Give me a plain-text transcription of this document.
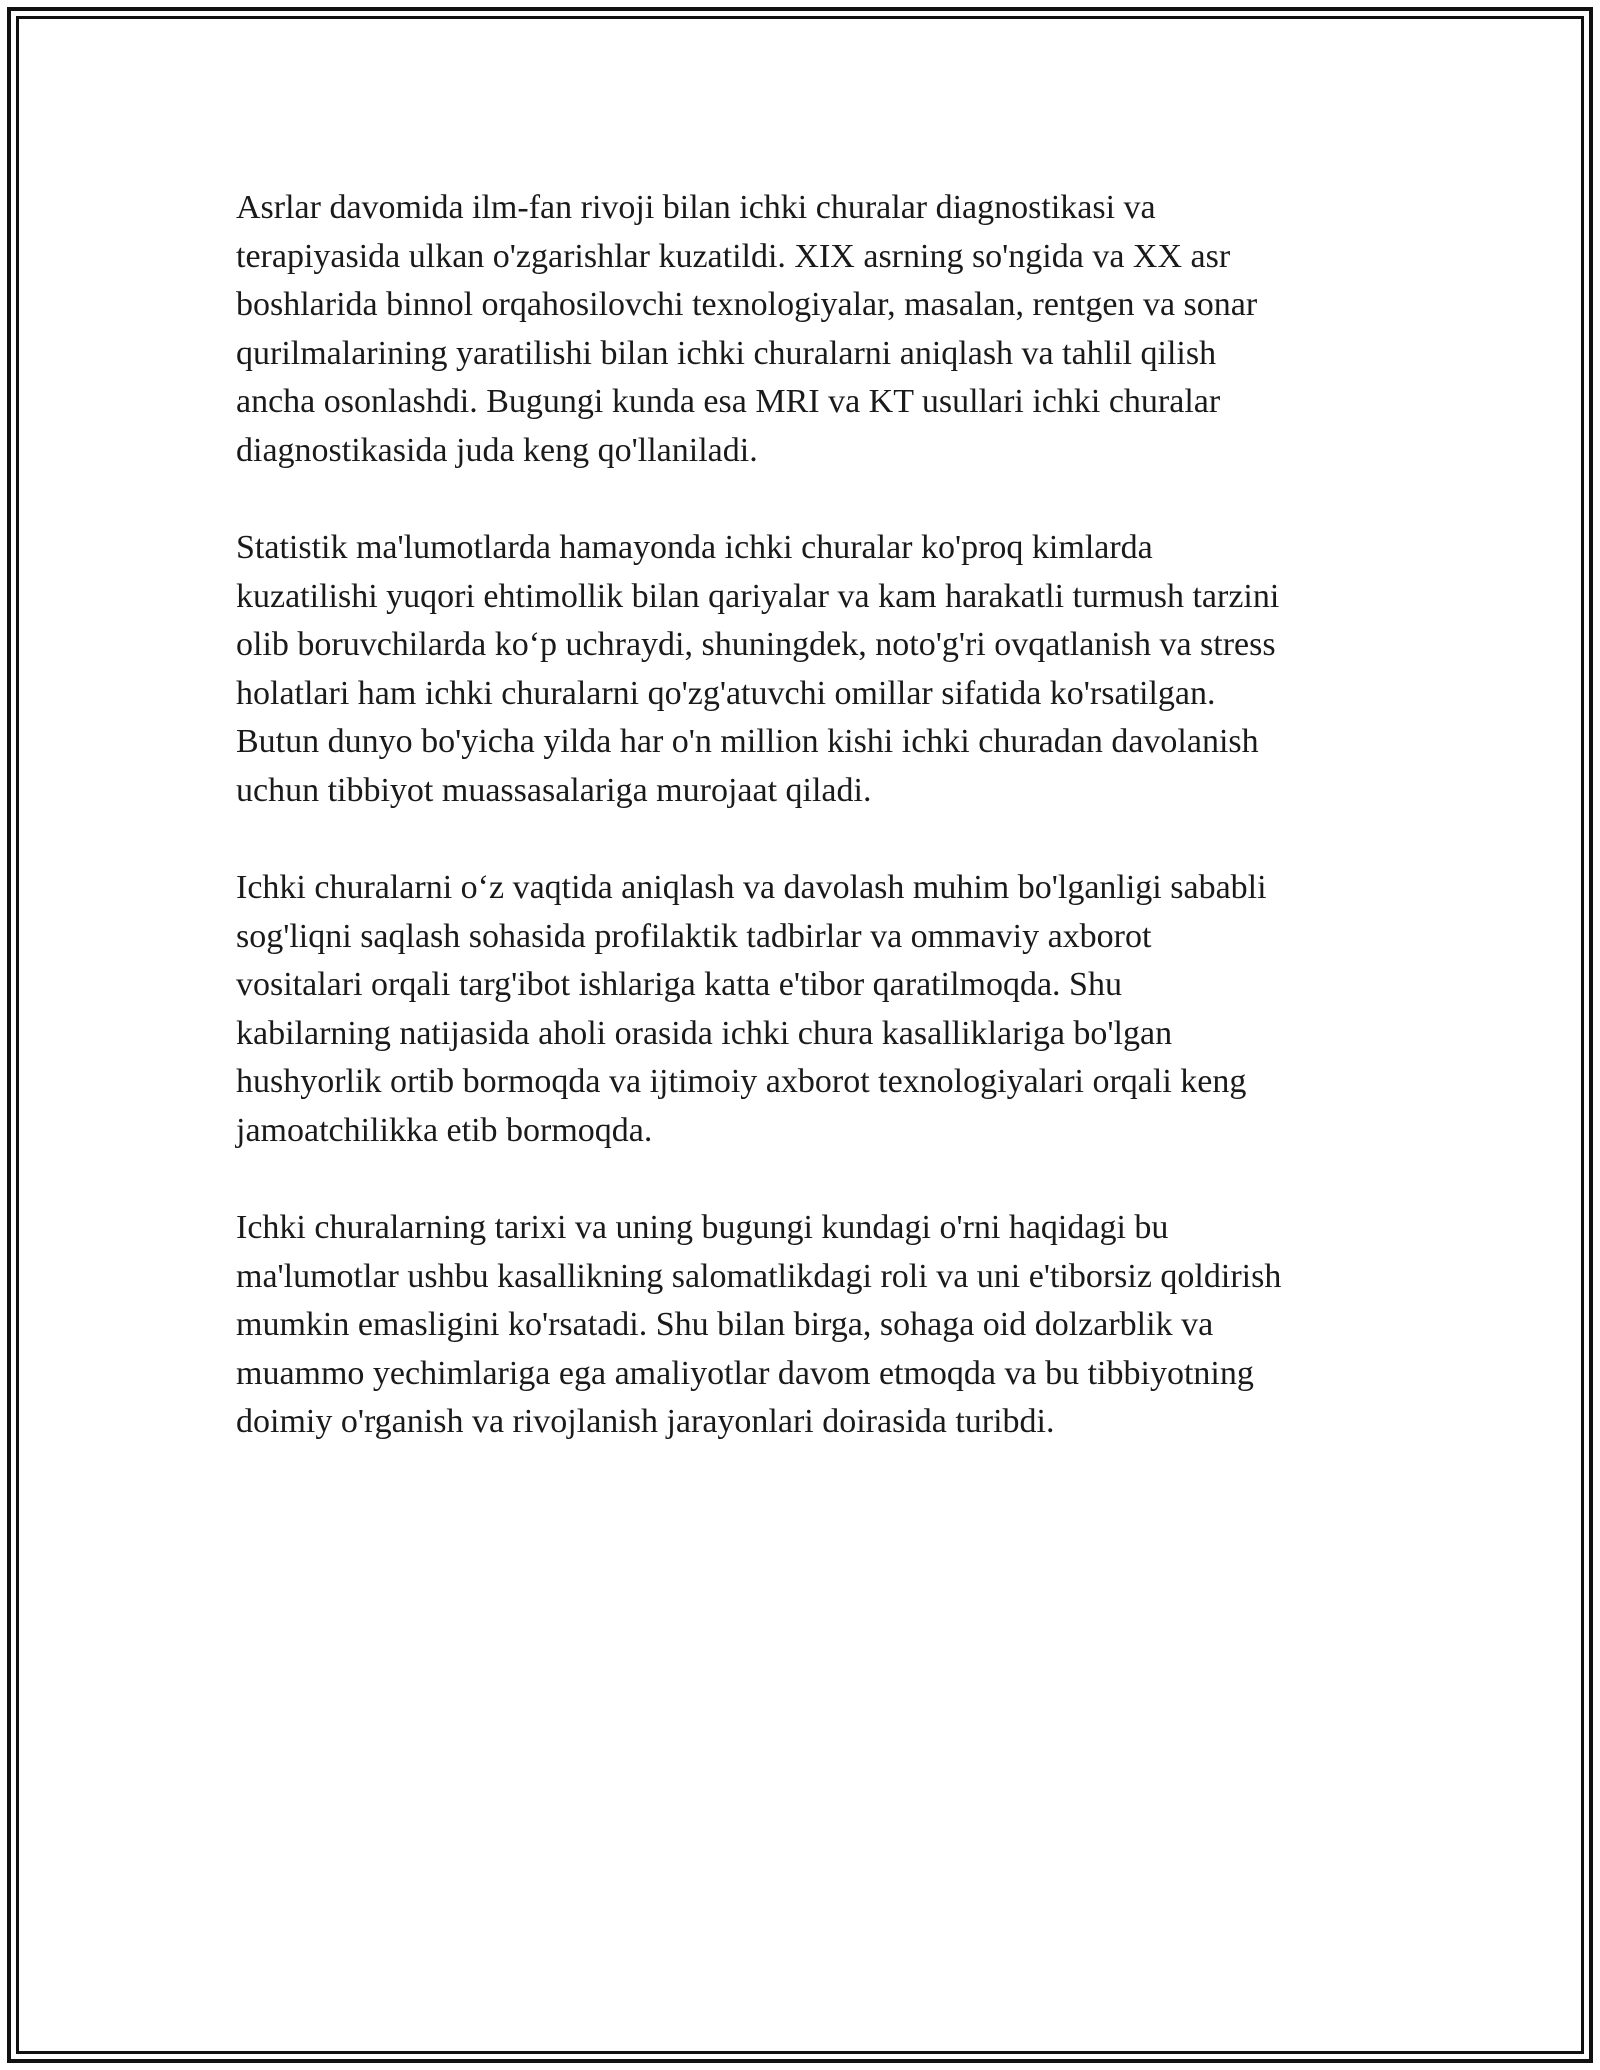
Asrlar davomida ilm-fan rivoji bilan ichki churalar diagnostikasi va
terapiyasida ulkan o'zgarishlar kuzatildi. XIX asrning so'ngida va XX asr
boshlarida binnol orqahosilovchi texnologiyalar, masalan, rentgen va sonar
qurilmalarining yaratilishi bilan ichki churalarni aniqlash va tahlil qilish
ancha osonlashdi. Bugungi kunda esa MRI va KT usullari ichki churalar
diagnostikasida juda keng qo'llaniladi.
Statistik ma'lumotlarda hamayonda ichki churalar ko'proq kimlarda
kuzatilishi yuqori ehtimollik bilan qariyalar va kam harakatli turmush tarzini
olib boruvchilarda koʻp uchraydi, shuningdek, noto'g'ri ovqatlanish va stress
holatlari ham ichki churalarni qo'zg'atuvchi omillar sifatida ko'rsatilgan.
Butun dunyo bo'yicha yilda har o'n million kishi ichki churadan davolanish
uchun tibbiyot muassasalariga murojaat qiladi.
Ichki churalarni oʻz vaqtida aniqlash va davolash muhim bo'lganligi sababli
sog'liqni saqlash sohasida profilaktik tadbirlar va ommaviy axborot
vositalari orqali targ'ibot ishlariga katta e'tibor qaratilmoqda. Shu
kabilarning natijasida aholi orasida ichki chura kasalliklariga bo'lgan
hushyorlik ortib bormoqda va ijtimoiy axborot texnologiyalari orqali keng
jamoatchilikka etib bormoqda.
Ichki churalarning tarixi va uning bugungi kundagi o'rni haqidagi bu
ma'lumotlar ushbu kasallikning salomatlikdagi roli va uni e'tiborsiz qoldirish
mumkin emasligini ko'rsatadi. Shu bilan birga, sohaga oid dolzarblik va
muammo yechimlariga ega amaliyotlar davom etmoqda va bu tibbiyotning
doimiy o'rganish va rivojlanish jarayonlari doirasida turibdi.
